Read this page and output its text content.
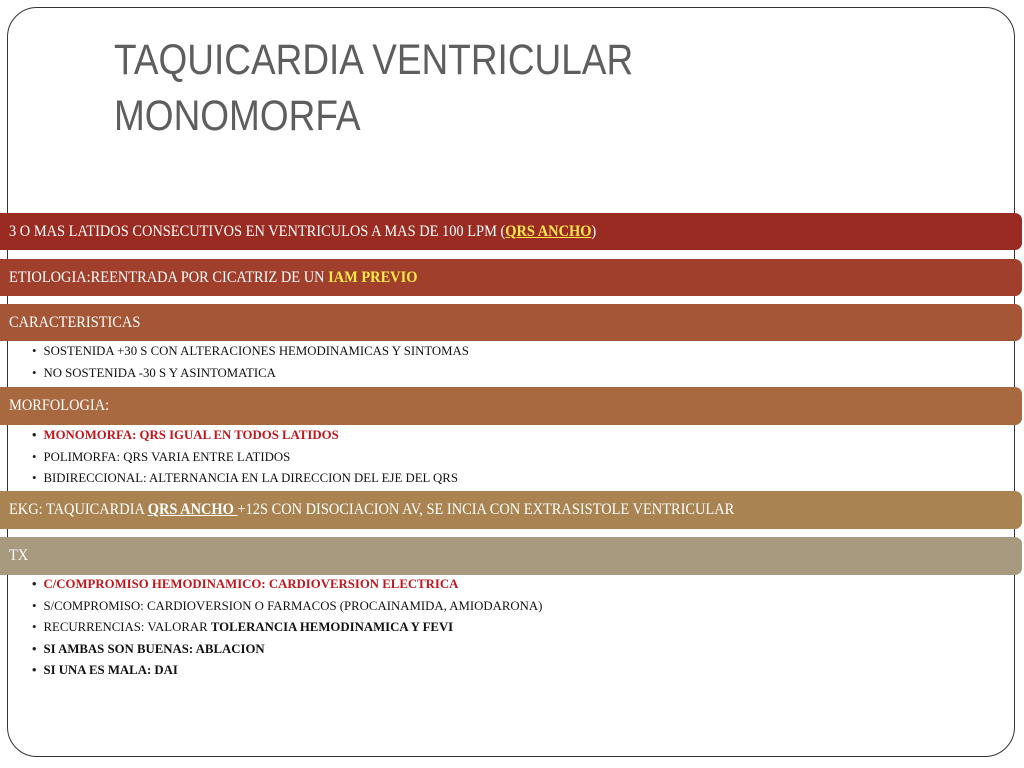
TAQUICARDIA VENTRICULAR
MONOMORFA
3 O MAS LATIDOS CONSECUTIVOS EN VENTRICULOS A MAS DE 100 LPM (QRS ANCHO)
ETIOLOGIA:REENTRADA POR CICATRIZ DE UN IAM PREVIO
CARACTERISTICAS
• SOSTENIDA +30 S CON ALTERACIONES HEMODINAMICAS Y SINTOMAS
• NO SOSTENIDA -30 S Y ASINTOMATICA
MORFOLOGIA:
• MONOMORFA: QRS IGUAL EN TODOS LATIDOS
• POLIMORFA: QRS VARIA ENTRE LATIDOS
• BIDIRECCIONAL: ALTERNANCIA EN LA DIRECCION DEL EJE DEL QRS
EKG: TAQUICARDIA QRS ANCHO +12S CON DISOCIACION AV, SE INCIA CON EXTRASISTOLE VENTRICULAR
TX
• C/COMPROMISO HEMODINAMICO: CARDIOVERSION ELECTRICA
• S/COMPROMISO: CARDIOVERSION O FARMACOS (PROCAINAMIDA, AMIODARONA)
• RECURRENCIAS: VALORAR TOLERANCIA HEMODINAMICA Y FEVI
• SI AMBAS SON BUENAS: ABLACION
• SI UNA ES MALA: DAI
